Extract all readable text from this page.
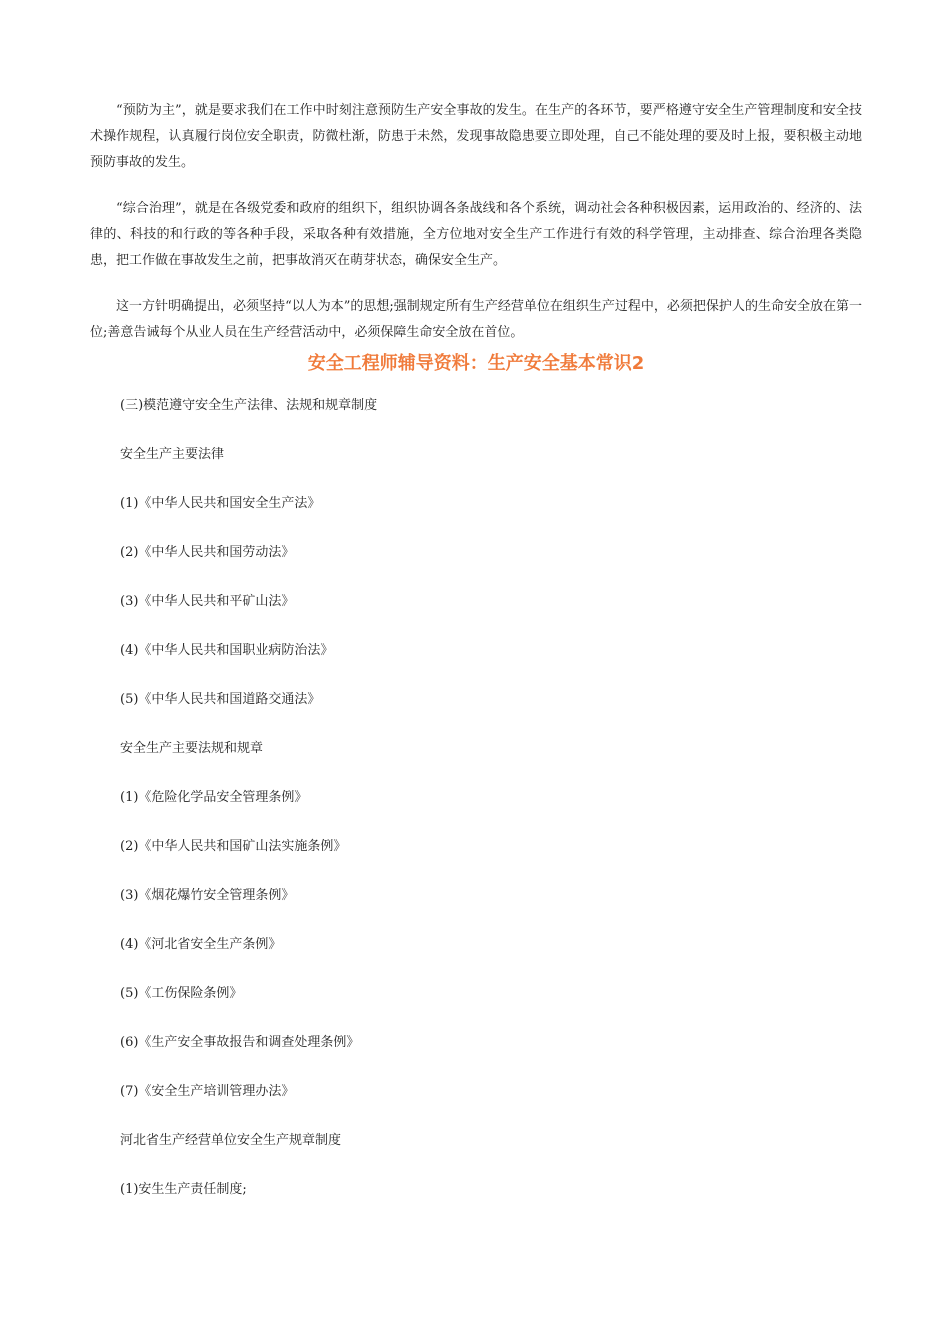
“预防为主”，就是要求我们在工作中时刻注意预防生产安全事故的发生。在生产的各环节，要严格遵守安全生产管理制度和安全技术操作规程，认真履行岗位安全职责，防微杜渐，防患于未然，发现事故隐患要立即处理，自己不能处理的要及时上报，要积极主动地预防事故的发生。

“综合治理”，就是在各级党委和政府的组织下，组织协调各条战线和各个系统，调动社会各种积极因素，运用政治的、经济的、法律的、科技的和行政的等各种手段，采取各种有效措施，全方位地对安全生产工作进行有效的科学管理，主动排查、综合治理各类隐患，把工作做在事故发生之前，把事故消灭在萌芽状态，确保安全生产。

这一方针明确提出，必须坚持“以人为本”的思想;强制规定所有生产经营单位在组织生产过程中，必须把保护人的生命安全放在第一位;善意告诫每个从业人员在生产经营活动中，必须保障生命安全放在首位。

安全工程师辅导资料：生产安全基本常识2
(三)模范遵守安全生产法律、法规和规章制度
安全生产主要法律
(1)《中华人民共和国安全生产法》
(2)《中华人民共和国劳动法》
(3)《中华人民共和平矿山法》
(4)《中华人民共和国职业病防治法》
(5)《中华人民共和国道路交通法》
安全生产主要法规和规章
(1)《危险化学品安全管理条例》
(2)《中华人民共和国矿山法实施条例》
(3)《烟花爆竹安全管理条例》
(4)《河北省安全生产条例》
(5)《工伤保险条例》
(6)《生产安全事故报告和调查处理条例》
(7)《安全生产培训管理办法》
河北省生产经营单位安全生产规章制度
(1)安生生产责任制度;
